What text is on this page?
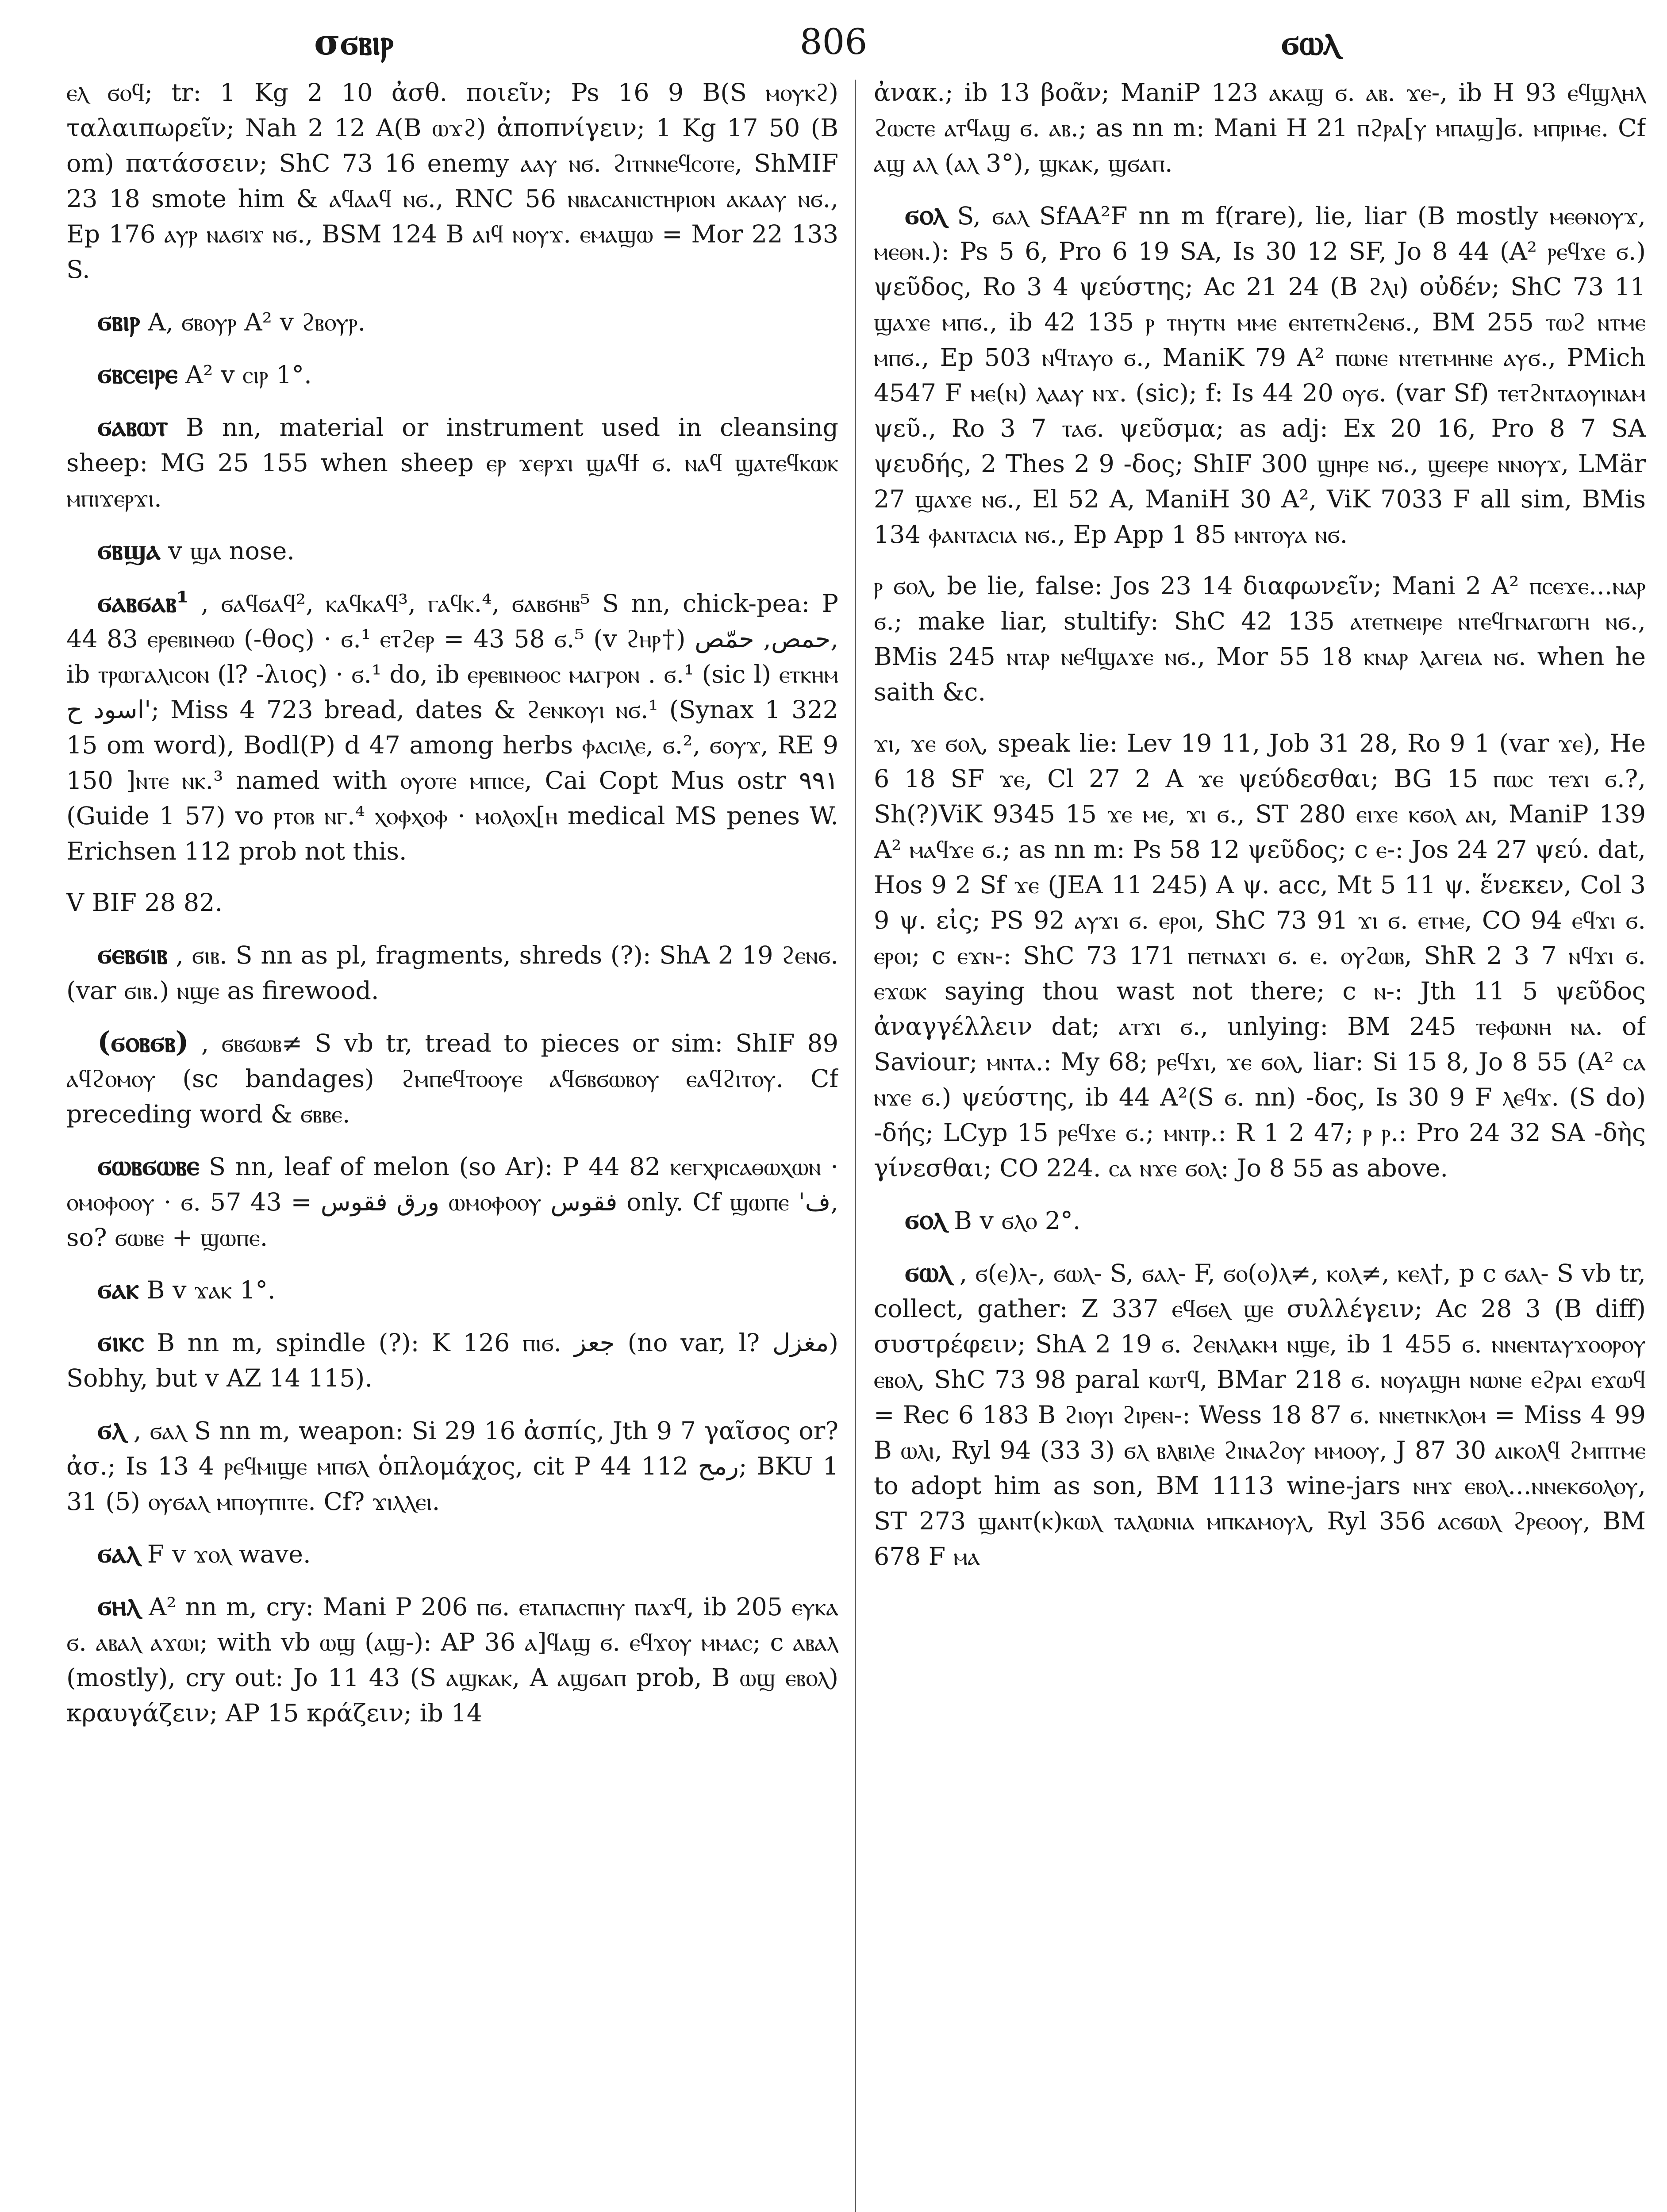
σϭⲃⲓⲣ	806	ϭⲱⲗ

ⲉⲗ ϭⲟϥ; tr: 1 Kg 2 10 ἀσθ. ποιεῖν; Ps 16 9 B(S ⲙⲟⲩⲕϩ) ταλαιπωρεῖν; Nah 2 12 A(B ⲱϫϩ) ἀποπνίγειν; 1 Kg 17 50 (B om) πατάσσειν; ShC 73 16 enemy ⲁⲁⲩ ⲛϭ. ϩⲓⲧⲛⲛⲉϥⲥⲟⲧⲉ, ShMIF 23 18 smote him & ⲁϥⲁⲁϥ ⲛϭ., RNC 56 ⲛⲃⲁⲥⲁⲛⲓⲥⲧⲏⲣⲓⲟⲛ ⲁⲕⲁⲁⲩ ⲛϭ., Ep 176 ⲁⲩⲣ ⲛⲁϭⲓϫ ⲛϭ., BSM 124 B ⲁⲓϥ ⲛⲟⲩϫ. ⲉⲙⲁϣⲱ = Mor 22 133 S.

ϭⲃⲓⲣ A, ϭⲃⲟⲩⲣ A² v ϩⲃⲟⲩⲣ.

ϭⲃⲥⲉⲓⲣⲉ A² v ⲥⲓⲣ 1°.

ϭⲁⲃⲱⲧ B nn, material or instrument used in cleansing sheep: MG 25 155 when sheep ⲉⲣ ϫⲉⲣϫⲓ ϣⲁϥϯ ϭ. ⲛⲁϥ ϣⲁⲧⲉϥⲕⲱⲕ ⲙⲡⲓϫⲉⲣϫⲓ.

ϭⲃϣⲁ v ϣⲁ nose.

ϭⲁⲃϭⲁⲃ¹ , ϭⲁϥϭⲁϥ², ⲕⲁϥⲕⲁϥ³, ⲅⲁϥⲕ.⁴, ϭⲁⲃϭⲏⲃ⁵ S nn, chick-pea: P 44 83 ⲉⲣⲉⲃⲓⲛⲑⲱ (-θος) · ϭ.¹ ⲉⲧϩⲉⲣ = 43 58 ϭ.⁵ (v ϩⲏⲣ†) حمص, حمّص, ib ⲧⲣⲱⲅⲁⲗⲓⲥⲟⲛ (l? -λιος) · ϭ.¹ do, ib ⲉⲣⲉⲃⲓⲛⲑⲟⲥ ⲙⲁⲅⲣⲟⲛ . ϭ.¹ (sic l) ⲉⲧⲕⲏⲙ اسود ح'; Miss 4 723 bread, dates & ϩⲉⲛⲕⲟⲩⲓ ⲛϭ.¹ (Synax 1 322 15 om word), Bodl(P) d 47 among herbs ⲫⲁⲥⲓⲗⲉ, ϭ.², ϭⲟⲩϫ, RE 9 150 ]ⲛⲧⲉ ⲛⲕ.³ named with ⲟⲩⲟⲧⲉ ⲙⲡⲓⲥⲉ, Cai Copt Mus ostr ٩٩١ (Guide 1 57) vo ⲣⲧⲟⲃ ⲛⲅ.⁴ ⲭⲟⲫⲭⲟⲫ · ⲙⲟⲗⲟⲭ[ⲏ medical MS penes W. Erichsen 112 prob not this.

V BIF 28 82.

ϭⲉⲃϭⲓⲃ , ϭⲓⲃ. S nn as pl, fragments, shreds (?): ShA 2 19 ϩⲉⲛϭ. (var ϭⲓⲃ.) ⲛϣⲉ as firewood.

(ϭⲟⲃϭⲃ) , ϭⲃϭⲱⲃ≠ S vb tr, tread to pieces or sim: ShIF 89 ⲁϥϩⲟⲙⲟⲩ (sc bandages) ϩⲙⲡⲉϥⲧⲟⲟⲩⲉ ⲁϥϭⲃϭⲱⲃⲟⲩ ⲉⲁϥϩⲓⲧⲟⲩ. Cf preceding word & ϭⲃⲃⲉ.

ϭⲱⲃϭⲱⲃⲉ S nn, leaf of melon (so Ar): P 44 82 ⲕⲉⲅⲭⲣⲓⲥⲁⲑⲱⲭⲱⲛ · ⲟⲙⲟⲫⲟⲟⲩ · ϭ. ورق فقوس = 43 57 ⲱⲙⲟⲫⲟⲟⲩ فقوس only. Cf ϣⲱⲡⲉ 'ف, so? ϭⲱⲃⲉ + ϣⲱⲡⲉ.

ϭⲁⲕ B v ϫⲁⲕ 1°.

ϭⲓⲕⲥ B nn m, spindle (?): K 126 ⲡⲓϭ. جعز (no var, l? مغزل) Sobhy, but v AZ 14 115).

ϭⲗ , ϭⲁⲗ S nn m, weapon: Si 29 16 ἀσπίς, Jth 9 7 γαῖσος or? ἀσ.; Is 13 4 ⲣⲉϥⲙⲓϣⲉ ⲙⲡϭⲗ ὁπλομάχος, cit P 44 112 رمح; BKU 1 31 (5) ⲟⲩϭⲁⲗ ⲙⲡⲟⲩⲡⲓⲧⲉ. Cf? ϫⲓⲗⲗⲉⲓ.

ϭⲁⲗ F v ϫⲟⲗ wave.

ϭⲏⲗ A² nn m, cry: Mani P 206 ⲡϭ. ⲉⲧⲁⲡⲁⲥⲡⲏⲩ ⲡⲁϫϥ, ib 205 ⲉⲩⲕⲁ ϭ. ⲁⲃⲁⲗ ⲁϫⲱⲓ; with vb ⲱϣ (ⲁϣ-): AP 36 ⲁ]ϥⲁϣ ϭ. ⲉϥϫⲟⲩ ⲙⲙⲁⲥ; c ⲁⲃⲁⲗ (mostly), cry out: Jo 11 43 (S ⲁϣⲕⲁⲕ, A ⲁϣϭⲁⲡ prob, B ⲱϣ ⲉⲃⲟⲗ) κραυγάζειν; AP 15 κράζειν; ib 14

ἀνακ.; ib 13 βοᾶν; ManiP 123 ⲁⲕⲁϣ ϭ. ⲁⲃ. ϫⲉ-, ib H 93 ⲉϥϣⲗⲏⲗ ϩⲱⲥⲧⲉ ⲁⲧϥⲁϣ ϭ. ⲁⲃ.; as nn m: Mani H 21 ⲡϩⲣⲁ[ⲩ ⲙⲡⲁϣ]ϭ. ⲙⲡⲣⲓⲙⲉ. Cf ⲁϣ ⲁⲗ (ⲁⲗ 3°), ϣⲕⲁⲕ, ϣϭⲁⲡ.

ϭⲟⲗ S, ϭⲁⲗ SfAA²F nn m f(rare), lie, liar (B mostly ⲙⲉⲑⲛⲟⲩϫ, ⲙⲉⲑⲛ.): Ps 5 6, Pro 6 19 SA, Is 30 12 SF, Jo 8 44 (A² ⲣⲉϥϫⲉ ϭ.) ψεῦδος, Ro 3 4 ψεύστης; Ac 21 24 (B ϩⲗⲓ) οὐδέν; ShC 73 11 ϣⲁϫⲉ ⲙⲡϭ., ib 42 135 ⲣ ⲧⲏⲩⲧⲛ ⲙⲙⲉ ⲉⲛⲧⲉⲧⲛϩⲉⲛϭ., BM 255 ⲧⲱϩ ⲛⲧⲙⲉ ⲙⲡϭ., Ep 503 ⲛϥⲧⲁⲩⲟ ϭ., ManiK 79 A² ⲡⲱⲛⲉ ⲛⲧⲉⲧⲙⲏⲛⲉ ⲁⲩϭ., PMich 4547 F ⲙⲉ(ⲛ) ⲗⲁⲁⲩ ⲛϫ. (sic); f: Is 44 20 ⲟⲩϭ. (var Sf) ⲧⲉⲧϩⲛⲧⲁⲟⲩⲓⲛⲁⲙ ψεῦ., Ro 3 7 ⲧⲁϭ. ψεῦσμα; as adj: Ex 20 16, Pro 8 7 SA ψευδής, 2 Thes 2 9 -δος; ShIF 300 ϣⲏⲣⲉ ⲛϭ., ϣⲉⲉⲣⲉ ⲛⲛⲟⲩϫ, LMär 27 ϣⲁϫⲉ ⲛϭ., El 52 A, ManiH 30 A², ViK 7033 F all sim, BMis 134 ⲫⲁⲛⲧⲁⲥⲓⲁ ⲛϭ., Ep App 1 85 ⲙⲛⲧⲟⲩⲁ ⲛϭ.

ⲣ ϭⲟⲗ, be lie, false: Jos 23 14 διαφωνεῖν; Mani 2 A² ⲡⲥⲉϫⲉ...ⲛⲁⲣ ϭ.; make liar, stultify: ShC 42 135 ⲁⲧⲉⲧⲛⲉⲓⲣⲉ ⲛⲧⲉϥⲅⲛⲁⲅⲱⲅⲏ ⲛϭ., BMis 245 ⲛⲧⲁⲣ ⲛⲉϥϣⲁϫⲉ ⲛϭ., Mor 55 18 ⲕⲛⲁⲣ ⲗⲁⲅⲉⲓⲁ ⲛϭ. when he saith &c.

ϫⲓ, ϫⲉ ϭⲟⲗ, speak lie: Lev 19 11, Job 31 28, Ro 9 1 (var ϫⲉ), He 6 18 SF ϫⲉ, Cl 27 2 A ϫⲉ ψεύδεσθαι; BG 15 ⲡⲱⲥ ⲧⲉϫⲓ ϭ.?, Sh(?)ViK 9345 15 ϫⲉ ⲙⲉ, ϫⲓ ϭ., ST 280 ⲉⲓϫⲉ ⲕϭⲟⲗ ⲁⲛ, ManiP 139 A² ⲙⲁϥϫⲉ ϭ.; as nn m: Ps 58 12 ψεῦδος; c ⲉ-: Jos 24 27 ψεύ. dat, Hos 9 2 Sf ϫⲉ (JEA 11 245) A ψ. acc, Mt 5 11 ψ. ἕνεκεν, Col 3 9 ψ. εἰς; PS 92 ⲁⲩϫⲓ ϭ. ⲉⲣⲟⲓ, ShC 73 91 ϫⲓ ϭ. ⲉⲧⲙⲉ, CO 94 ⲉϥϫⲓ ϭ. ⲉⲣⲟⲓ; c ⲉϫⲛ-: ShC 73 171 ⲡⲉⲧⲛⲁϫⲓ ϭ. ⲉ. ⲟⲩϩⲱⲃ, ShR 2 3 7 ⲛϥϫⲓ ϭ. ⲉϫⲱⲕ saying thou wast not there; c ⲛ-: Jth 11 5 ψεῦδος ἀναγγέλλειν dat; ⲁⲧϫⲓ ϭ., unlying: BM 245 ⲧⲉⲫⲱⲛⲏ ⲛⲁ. of Saviour; ⲙⲛⲧⲁ.: My 68; ⲣⲉϥϫⲓ, ϫⲉ ϭⲟⲗ, liar: Si 15 8, Jo 8 55 (A² ⲥⲁ ⲛϫⲉ ϭ.) ψεύστης, ib 44 A²(S ϭ. nn) -δος, Is 30 9 F ⲗⲉϥϫ. (S do) -δής; LCyp 15 ⲣⲉϥϫⲉ ϭ.; ⲙⲛⲧⲣ.: R 1 2 47; ⲣ ⲣ.: Pro 24 32 SA -δὴς γίνεσθαι; CO 224. ⲥⲁ ⲛϫⲉ ϭⲟⲗ: Jo 8 55 as above.

ϭⲟⲗ B v ϭⲗⲟ 2°.

ϭⲱⲗ , ϭ(ⲉ)ⲗ-, ϭⲱⲗ- S, ϭⲁⲗ- F, ϭⲟ(ⲟ)ⲗ≠, ⲕⲟⲗ≠, ⲕⲉⲗ†, p c ϭⲁⲗ- S vb tr, collect, gather: Z 337 ⲉϥϭⲉⲗ ϣⲉ συλλέγειν; Ac 28 3 (B diff) συστρέφειν; ShA 2 19 ϭ. ϩⲉⲛⲗⲁⲕⲙ ⲛϣⲉ, ib 1 455 ϭ. ⲛⲛⲉⲛⲧⲁⲩϫⲟⲟⲣⲟⲩ ⲉⲃⲟⲗ, ShC 73 98 paral ⲕⲱⲧϥ, BMar 218 ϭ. ⲛⲟⲩⲁϣⲏ ⲛⲱⲛⲉ ⲉϩⲣⲁⲓ ⲉϫⲱϥ = Rec 6 183 B ϩⲓⲟⲩⲓ ϩⲓⲣⲉⲛ-: Wess 18 87 ϭ. ⲛⲛⲉⲧⲛⲕⲗⲟⲙ = Miss 4 99 B ⲱⲗⲓ, Ryl 94 (33 3) ϭⲗ ⲃⲗⲃⲓⲗⲉ ϩⲓⲛⲁϩⲟⲩ ⲙⲙⲟⲟⲩ, J 87 30 ⲁⲓⲕⲟⲗϥ ϩⲙⲡⲧⲙⲉ to adopt him as son, BM 1113 wine-jars ⲛⲏϫ ⲉⲃⲟⲗ...ⲛⲛⲉⲕϭⲟⲗⲟⲩ, ST 273 ϣⲁⲛⲧ(ⲕ)ⲕⲱⲗ ⲧⲁⲗⲱⲛⲓⲁ ⲙⲡⲕⲁⲙⲟⲩⲗ, Ryl 356 ⲁⲥϭⲱⲗ ϩⲣⲉⲟⲟⲩ, BM 678 F ⲙⲁ
